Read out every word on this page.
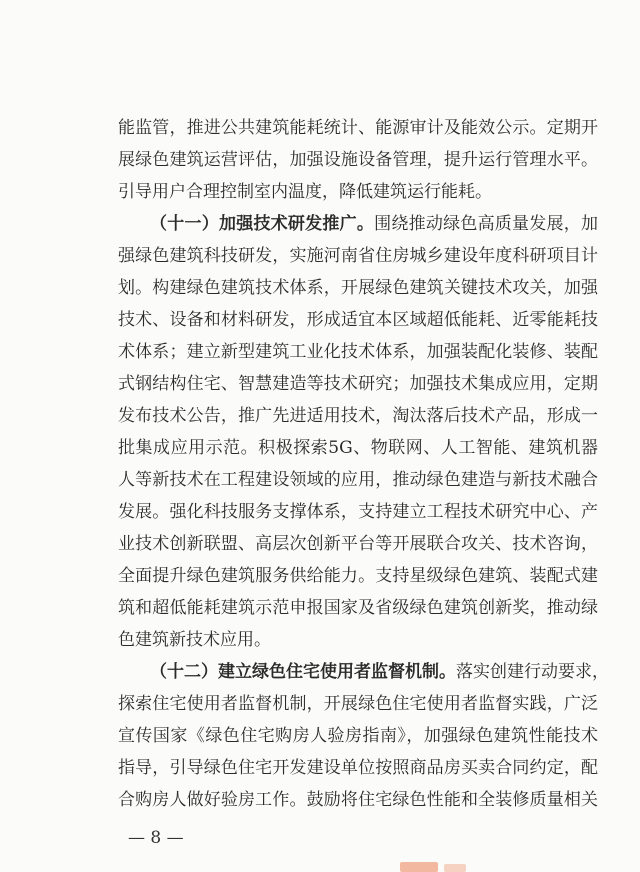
能监管，推进公共建筑能耗统计、能源审计及能效公示。定期开
展绿色建筑运营评估，加强设施设备管理，提升运行管理水平。
引导用户合理控制室内温度，降低建筑运行能耗。
（十一）加强技术研发推广。围绕推动绿色高质量发展，加
强绿色建筑科技研发，实施河南省住房城乡建设年度科研项目计
划。构建绿色建筑技术体系，开展绿色建筑关键技术攻关，加强
技术、设备和材料研发，形成适宜本区域超低能耗、近零能耗技
术体系；建立新型建筑工业化技术体系，加强装配化装修、装配
式钢结构住宅、智慧建造等技术研究；加强技术集成应用，定期
发布技术公告，推广先进适用技术，淘汰落后技术产品，形成一
批集成应用示范。积极探索5G、物联网、人工智能、建筑机器
人等新技术在工程建设领域的应用，推动绿色建造与新技术融合
发展。强化科技服务支撑体系，支持建立工程技术研究中心、产
业技术创新联盟、高层次创新平台等开展联合攻关、技术咨询，
全面提升绿色建筑服务供给能力。支持星级绿色建筑、装配式建
筑和超低能耗建筑示范申报国家及省级绿色建筑创新奖，推动绿
色建筑新技术应用。
（十二）建立绿色住宅使用者监督机制。落实创建行动要求，
探索住宅使用者监督机制，开展绿色住宅使用者监督实践，广泛
宣传国家《绿色住宅购房人验房指南》，加强绿色建筑性能技术
指导，引导绿色住宅开发建设单位按照商品房买卖合同约定，配
合购房人做好验房工作。鼓励将住宅绿色性能和全装修质量相关
— 8 —
